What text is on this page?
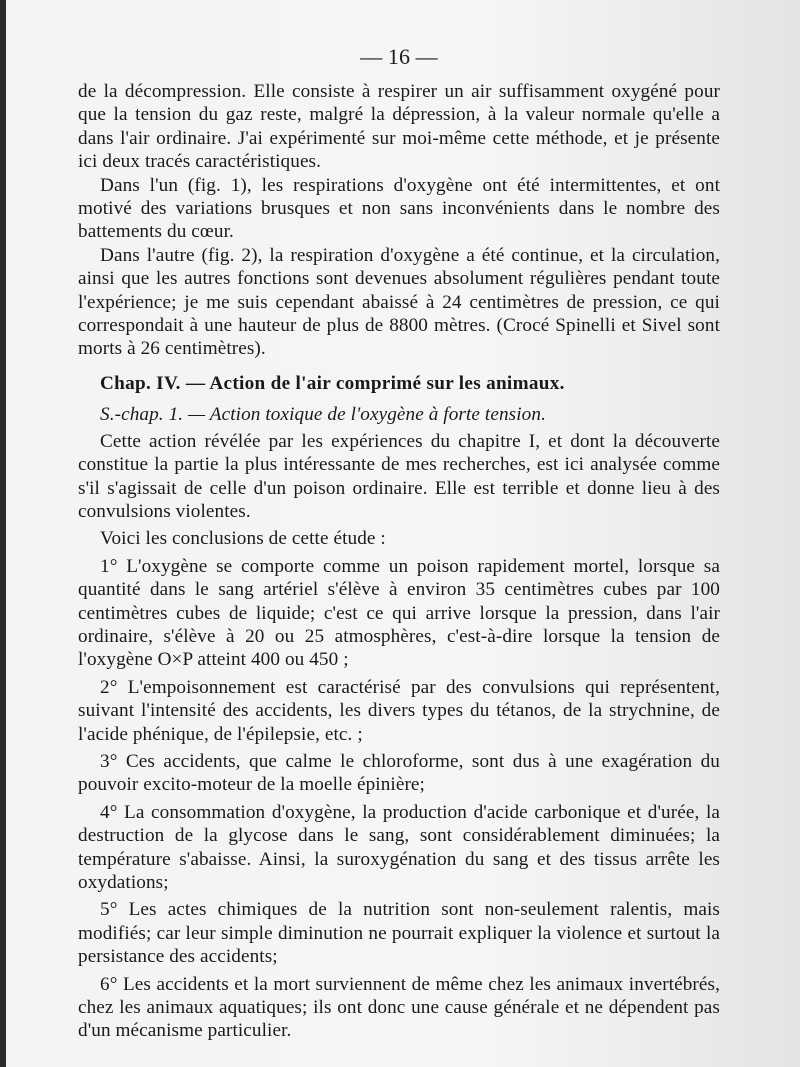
— 16 —

de la décompression. Elle consiste à respirer un air suffisamment oxygéné pour que la tension du gaz reste, malgré la dépression, à la valeur normale qu'elle a dans l'air ordinaire. J'ai expérimenté sur moi-même cette méthode, et je présente ici deux tracés caractéristiques.

Dans l'un (fig. 1), les respirations d'oxygène ont été intermittentes, et ont motivé des variations brusques et non sans inconvénients dans le nombre des battements du cœur.

Dans l'autre (fig. 2), la respiration d'oxygène a été continue, et la circulation, ainsi que les autres fonctions sont devenues absolument régulières pendant toute l'expérience; je me suis cependant abaissé à 24 centimètres de pression, ce qui correspondait à une hauteur de plus de 8800 mètres. (Crocé Spinelli et Sivel sont morts à 26 centimètres).

Chap. IV. — Action de l'air comprimé sur les animaux.

S.-chap. 1. — Action toxique de l'oxygène à forte tension.

Cette action révélée par les expériences du chapitre I, et dont la découverte constitue la partie la plus intéressante de mes recherches, est ici analysée comme s'il s'agissait de celle d'un poison ordinaire. Elle est terrible et donne lieu à des convulsions violentes.

Voici les conclusions de cette étude :

1° L'oxygène se comporte comme un poison rapidement mortel, lorsque sa quantité dans le sang artériel s'élève à environ 35 centimètres cubes par 100 centimètres cubes de liquide; c'est ce qui arrive lorsque la pression, dans l'air ordinaire, s'élève à 20 ou 25 atmosphères, c'est-à-dire lorsque la tension de l'oxygène O×P atteint 400 ou 450 ;

2° L'empoisonnement est caractérisé par des convulsions qui représentent, suivant l'intensité des accidents, les divers types du tétanos, de la strychnine, de l'acide phénique, de l'épilepsie, etc. ;

3° Ces accidents, que calme le chloroforme, sont dus à une exagération du pouvoir excito-moteur de la moelle épinière;

4° La consommation d'oxygène, la production d'acide carbonique et d'urée, la destruction de la glycose dans le sang, sont considérablement diminuées; la température s'abaisse. Ainsi, la suroxygénation du sang et des tissus arrête les oxydations;

5° Les actes chimiques de la nutrition sont non-seulement ralentis, mais modifiés; car leur simple diminution ne pourrait expliquer la violence et surtout la persistance des accidents;

6° Les accidents et la mort surviennent de même chez les animaux invertébrés, chez les animaux aquatiques; ils ont donc une cause générale et ne dépendent pas d'un mécanisme particulier.
